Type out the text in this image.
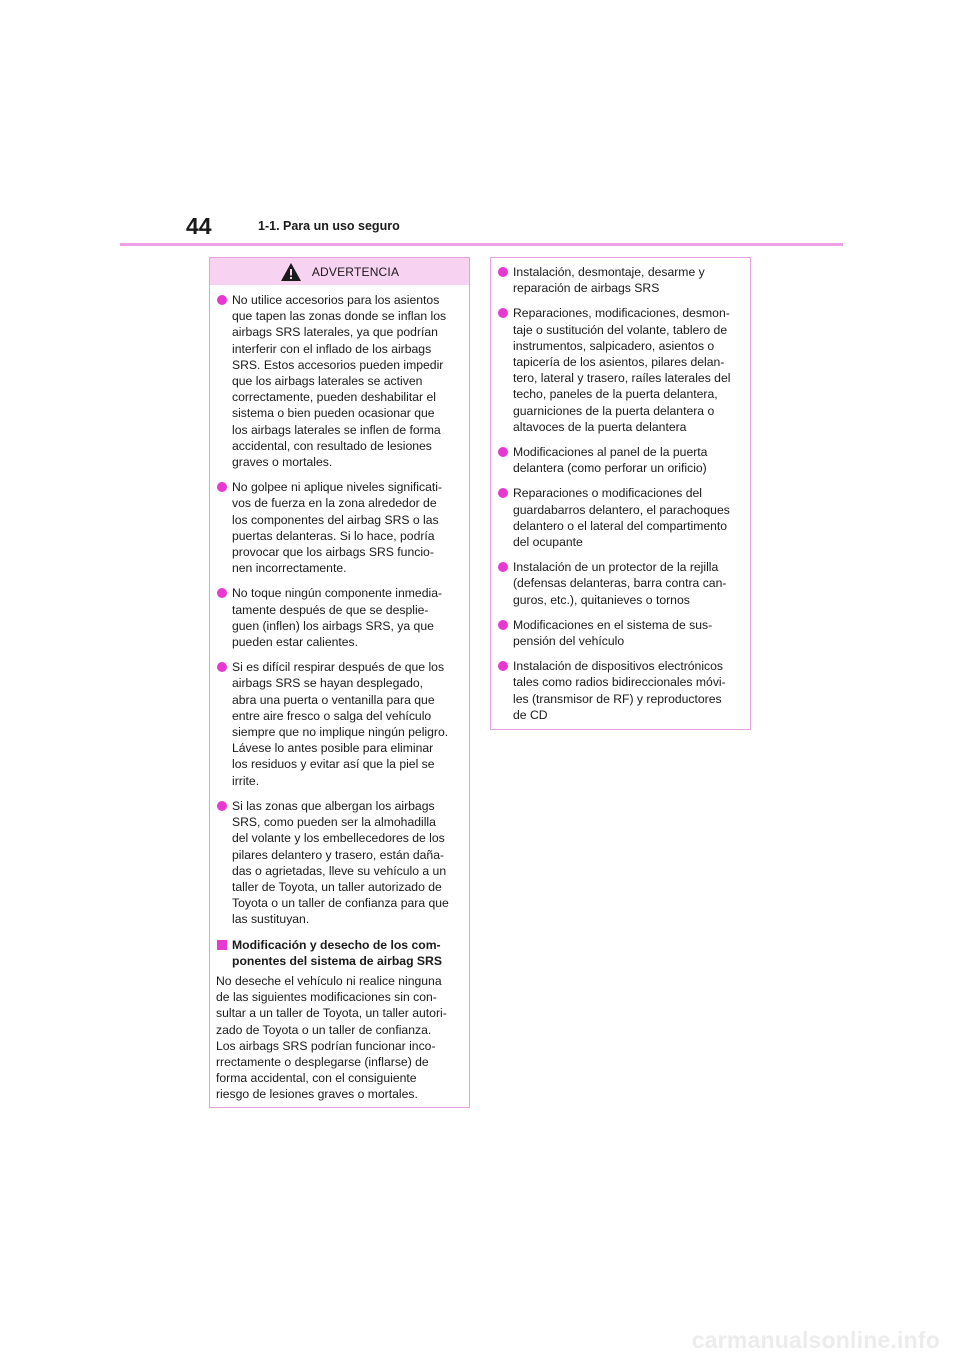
44	1-1. Para un uso seguro
ADVERTENCIA
No utilice accesorios para los asientos
que tapen las zonas donde se inflan los
airbags SRS laterales, ya que podrían
interferir con el inflado de los airbags
SRS. Estos accesorios pueden impedir
que los airbags laterales se activen
correctamente, pueden deshabilitar el
sistema o bien pueden ocasionar que
los airbags laterales se inflen de forma
accidental, con resultado de lesiones
graves o mortales.
No golpee ni aplique niveles significati-
vos de fuerza en la zona alrededor de
los componentes del airbag SRS o las
puertas delanteras. Si lo hace, podría
provocar que los airbags SRS funcio-
nen incorrectamente.
No toque ningún componente inmedia-
tamente después de que se desplie-
guen (inflen) los airbags SRS, ya que
pueden estar calientes.
Si es difícil respirar después de que los
airbags SRS se hayan desplegado,
abra una puerta o ventanilla para que
entre aire fresco o salga del vehículo
siempre que no implique ningún peligro.
Lávese lo antes posible para eliminar
los residuos y evitar así que la piel se
irrite.
Si las zonas que albergan los airbags
SRS, como pueden ser la almohadilla
del volante y los embellecedores de los
pilares delantero y trasero, están daña-
das o agrietadas, lleve su vehículo a un
taller de Toyota, un taller autorizado de
Toyota o un taller de confianza para que
las sustituyan.
Modificación y desecho de los com-
ponentes del sistema de airbag SRS
No deseche el vehículo ni realice ninguna
de las siguientes modificaciones sin con-
sultar a un taller de Toyota, un taller autori-
zado de Toyota o un taller de confianza.
Los airbags SRS podrían funcionar inco-
rrectamente o desplegarse (inflarse) de
forma accidental, con el consiguiente
riesgo de lesiones graves o mortales.
Instalación, desmontaje, desarme y
reparación de airbags SRS
Reparaciones, modificaciones, desmon-
taje o sustitución del volante, tablero de
instrumentos, salpicadero, asientos o
tapicería de los asientos, pilares delan-
tero, lateral y trasero, raíles laterales del
techo, paneles de la puerta delantera,
guarniciones de la puerta delantera o
altavoces de la puerta delantera
Modificaciones al panel de la puerta
delantera (como perforar un orificio)
Reparaciones o modificaciones del
guardabarros delantero, el parachoques
delantero o el lateral del compartimento
del ocupante
Instalación de un protector de la rejilla
(defensas delanteras, barra contra can-
guros, etc.), quitanieves o tornos
Modificaciones en el sistema de sus-
pensión del vehículo
Instalación de dispositivos electrónicos
tales como radios bidireccionales móvi-
les (transmisor de RF) y reproductores
de CD
carmanualsonline.info
